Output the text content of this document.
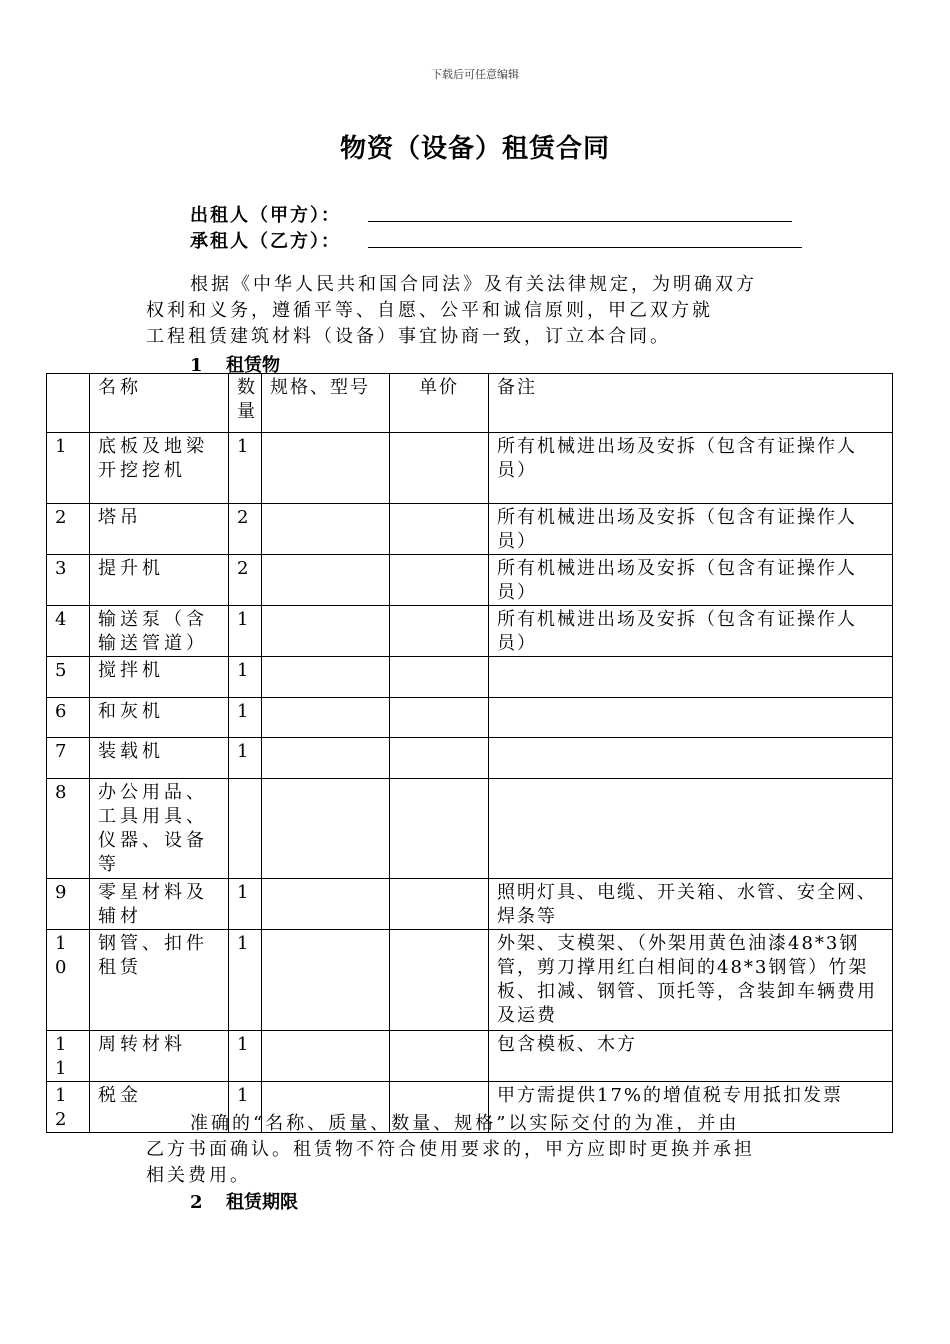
下载后可任意编辑
物资（设备）租赁合同
出租人（甲方）：
承租人（乙方）：
根据《中华人民共和国合同法》及有关法律规定，为明确双方
权利和义务，遵循平等、自愿、公平和诚信原则，甲乙双方就
工程租赁建筑材料（设备）事宜协商一致，订立本合同。
1 租赁物
	名称	数量	规格、型号	单价	备注
1	底板及地梁开挖挖机	1			所有机械进出场及安拆（包含有证操作人员）
2	塔吊	2			所有机械进出场及安拆（包含有证操作人员）
3	提升机	2			所有机械进出场及安拆（包含有证操作人员）
4	输送泵（含输送管道）	1			所有机械进出场及安拆（包含有证操作人员）
5	搅拌机	1			
6	和灰机	1			
7	装载机	1			
8	办公用品、工具用具、仪器、设备等				
9	零星材料及辅材	1			照明灯具、电缆、开关箱、水管、安全网、焊条等
10	钢管、扣件租赁	1			外架、支模架、（外架用黄色油漆48*3钢管，剪刀撑用红白相间的48*3钢管）竹架板、扣减、钢管、顶托等，含装卸车辆费用及运费
11	周转材料	1			包含模板、木方
12	税金	1			甲方需提供17%的增值税专用抵扣发票
准确的“名称、质量、数量、规格”以实际交付的为准，并由
乙方书面确认。租赁物不符合使用要求的，甲方应即时更换并承担
相关费用。
2 租赁期限
